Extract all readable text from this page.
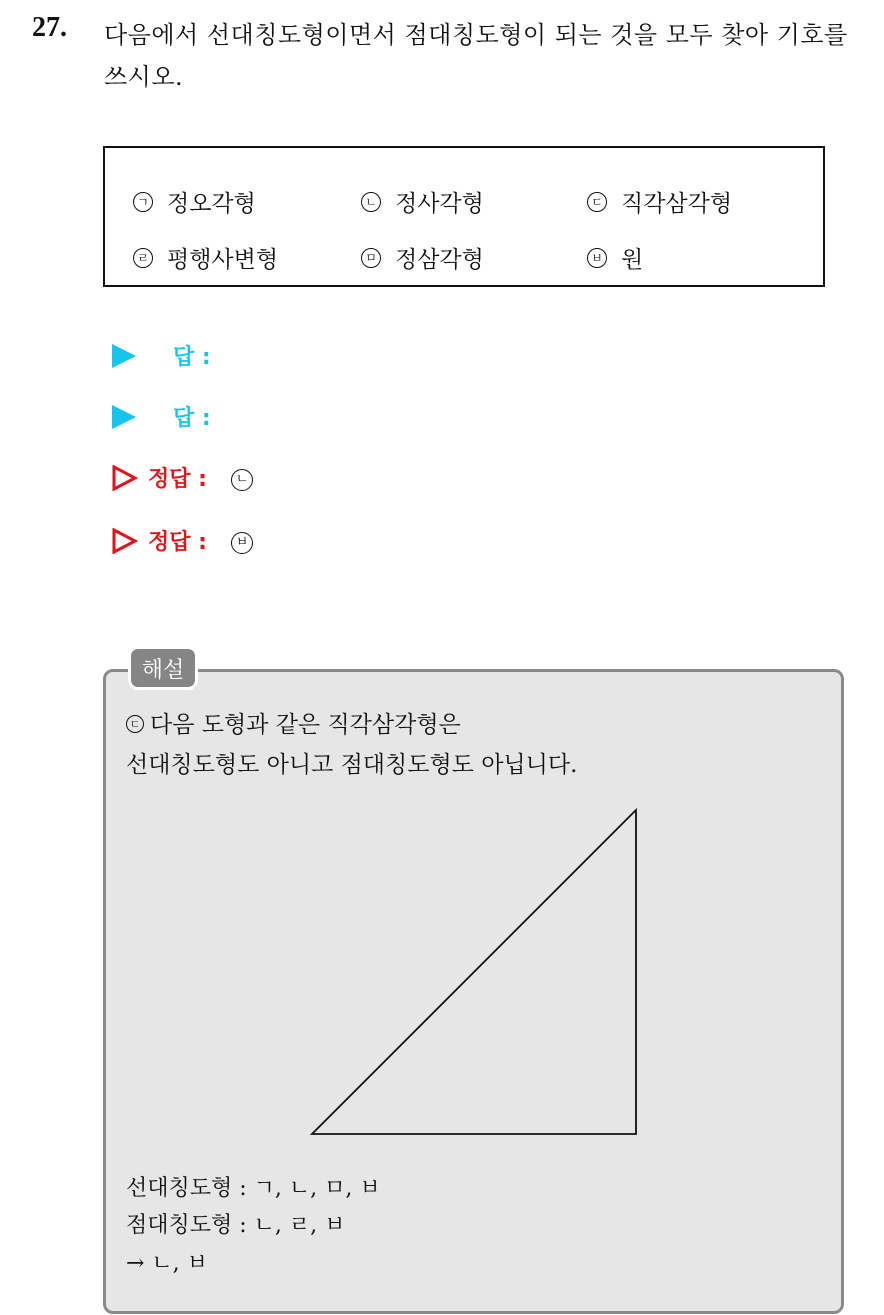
27. 다음에서 선대칭도형이면서 점대칭도형이 되는 것을 모두 찾아 기호를 쓰시오.
ㄱ 정오각형	ㄴ 정사각형	ㄷ 직각삼각형
ㄹ 평행사변형	ㅁ 정삼각형	ㅂ 원
답 :
답 :
정답 :	ㄴ
정답 :	ㅂ
해설
ㄷ 다음 도형과 같은 직각삼각형은
선대칭도형도 아니고 점대칭도형도 아닙니다.
선대칭도형 : ㄱ, ㄴ, ㅁ, ㅂ
점대칭도형 : ㄴ, ㄹ, ㅂ
→ ㄴ, ㅂ
